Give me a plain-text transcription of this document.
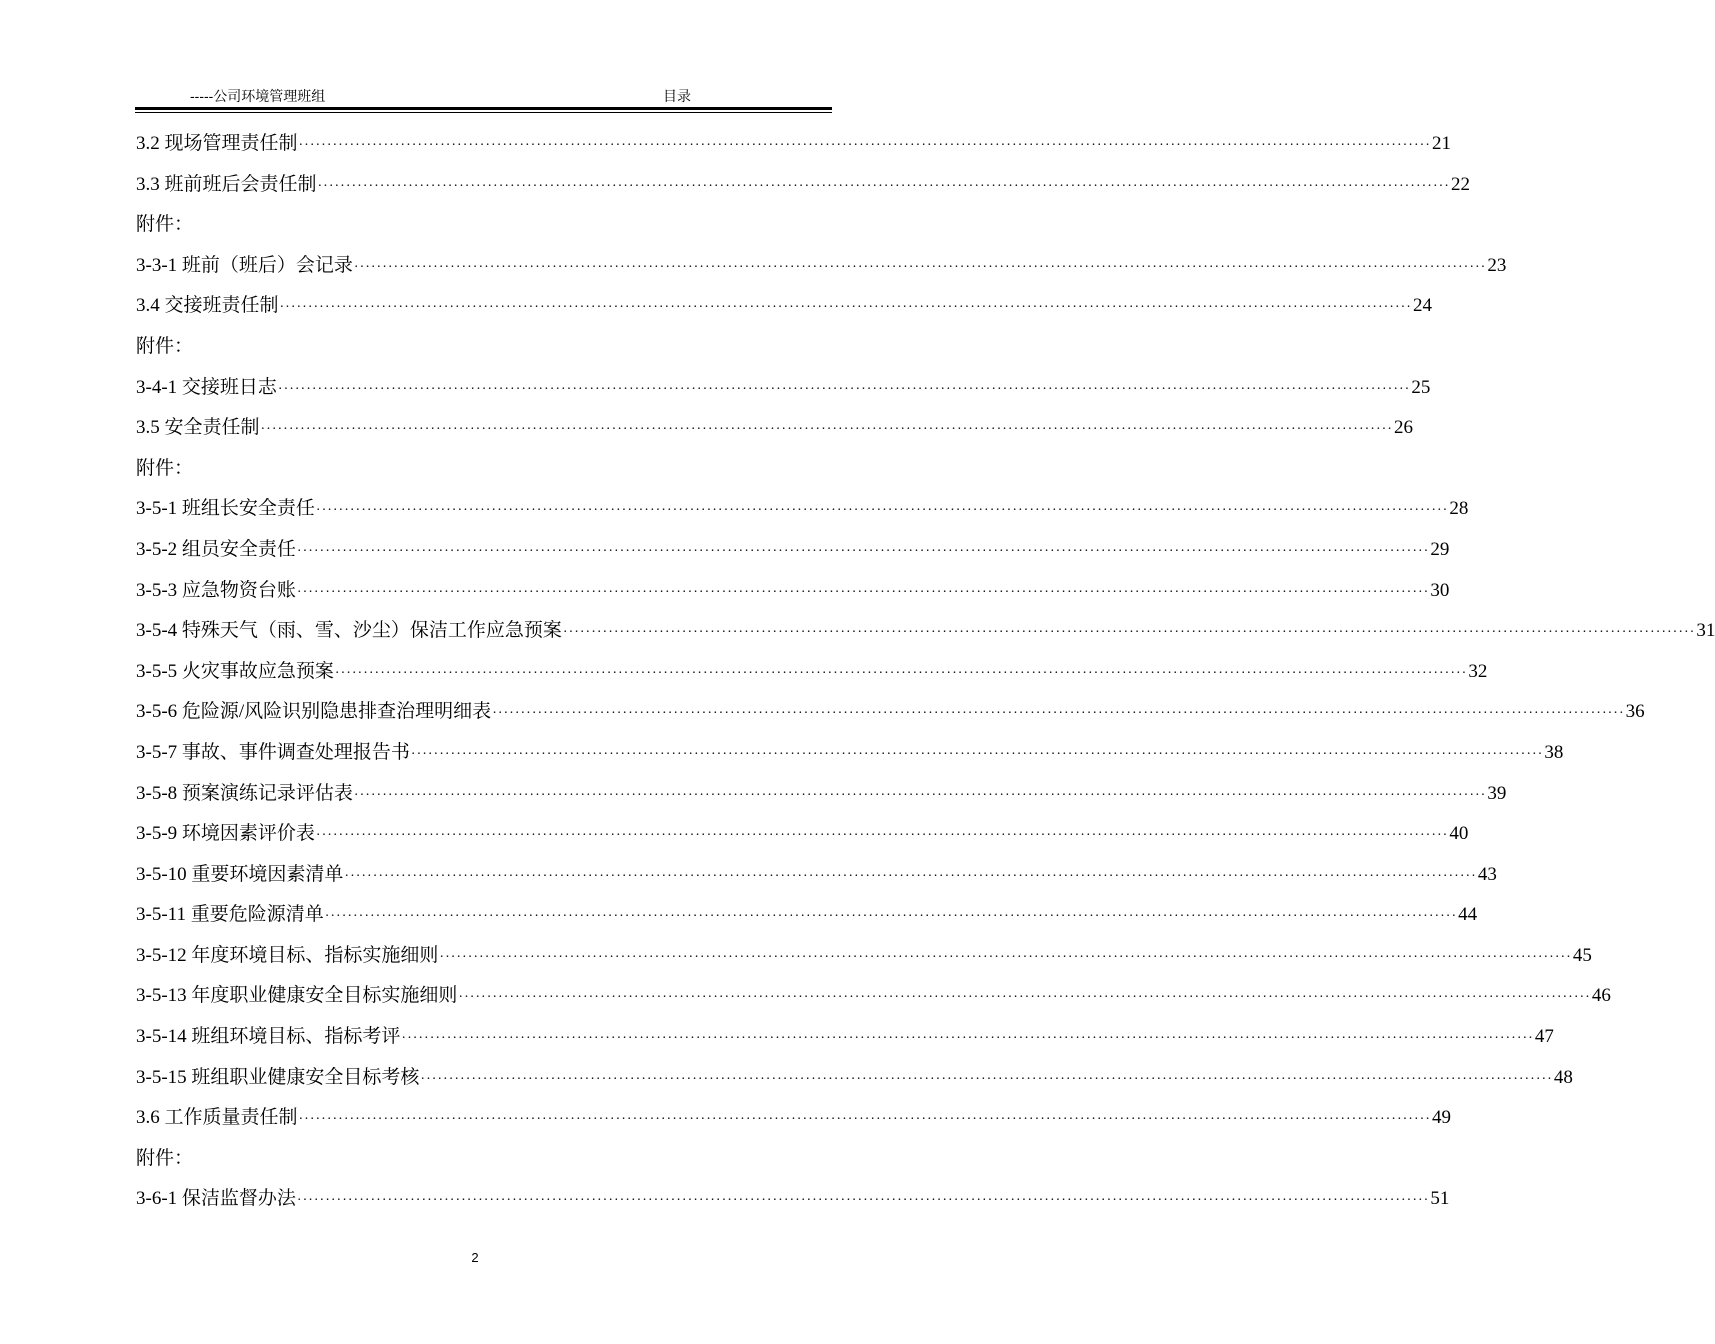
-----公司环境管理班组	目录
3.2 现场管理责任制 ········································································································································································································ 21
3.3 班前班后会责任制 ········································································································································································································ 22
附件：
3-3-1 班前（班后）会记录 ········································································································································································································ 23
3.4 交接班责任制 ········································································································································································································ 24
附件：
3-4-1 交接班日志 ········································································································································································································ 25
3.5 安全责任制 ········································································································································································································ 26
附件：
3-5-1 班组长安全责任 ········································································································································································································ 28
3-5-2 组员安全责任 ········································································································································································································ 29
3-5-3 应急物资台账 ········································································································································································································ 30
3-5-4 特殊天气（雨、雪、沙尘）保洁工作应急预案 ········································································································································································································ 31
3-5-5 火灾事故应急预案 ········································································································································································································ 32
3-5-6 危险源/风险识别隐患排查治理明细表 ········································································································································································································ 36
3-5-7 事故、事件调查处理报告书 ········································································································································································································ 38
3-5-8 预案演练记录评估表 ········································································································································································································ 39
3-5-9 环境因素评价表 ········································································································································································································ 40
3-5-10 重要环境因素清单 ········································································································································································································ 43
3-5-11 重要危险源清单 ········································································································································································································ 44
3-5-12 年度环境目标、指标实施细则 ········································································································································································································ 45
3-5-13 年度职业健康安全目标实施细则 ········································································································································································································ 46
3-5-14 班组环境目标、指标考评 ········································································································································································································ 47
3-5-15 班组职业健康安全目标考核 ········································································································································································································ 48
3.6 工作质量责任制 ········································································································································································································ 49
附件：
3-6-1 保洁监督办法 ········································································································································································································ 51
2
